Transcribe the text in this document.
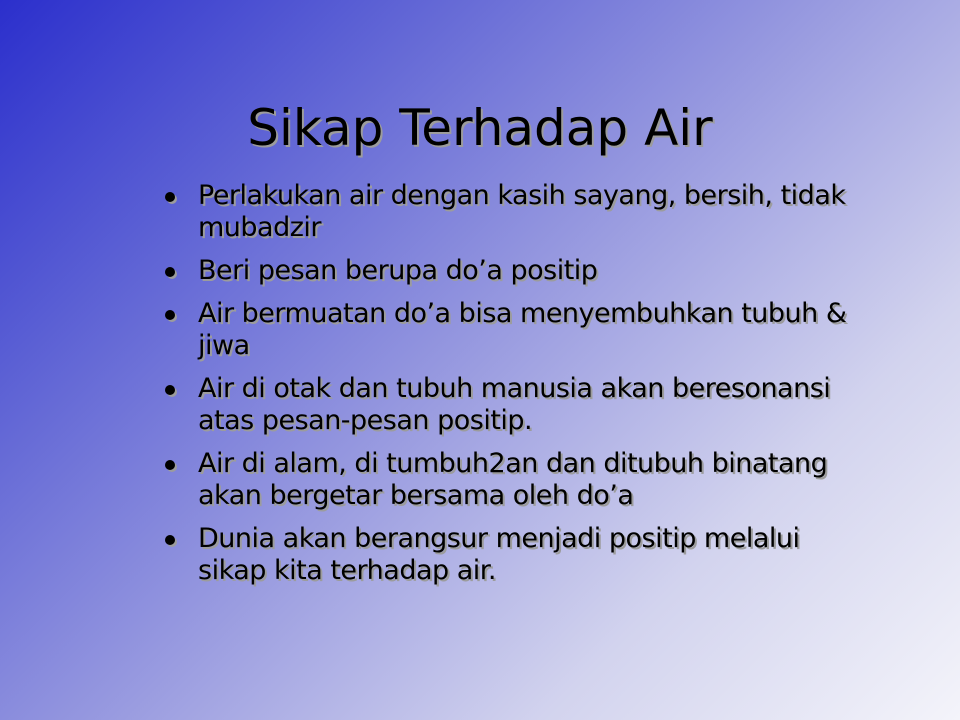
Sikap Terhadap Air
Perlakukan air dengan kasih sayang, bersih, tidak mubadzir
Beri pesan berupa do’a positip
Air bermuatan do’a bisa menyembuhkan tubuh & jiwa
Air di otak dan tubuh manusia akan beresonansi atas pesan-pesan positip.
Air di alam, di tumbuh2an dan ditubuh binatang akan bergetar bersama oleh do’a
Dunia akan berangsur menjadi positip melalui sikap kita terhadap air.
